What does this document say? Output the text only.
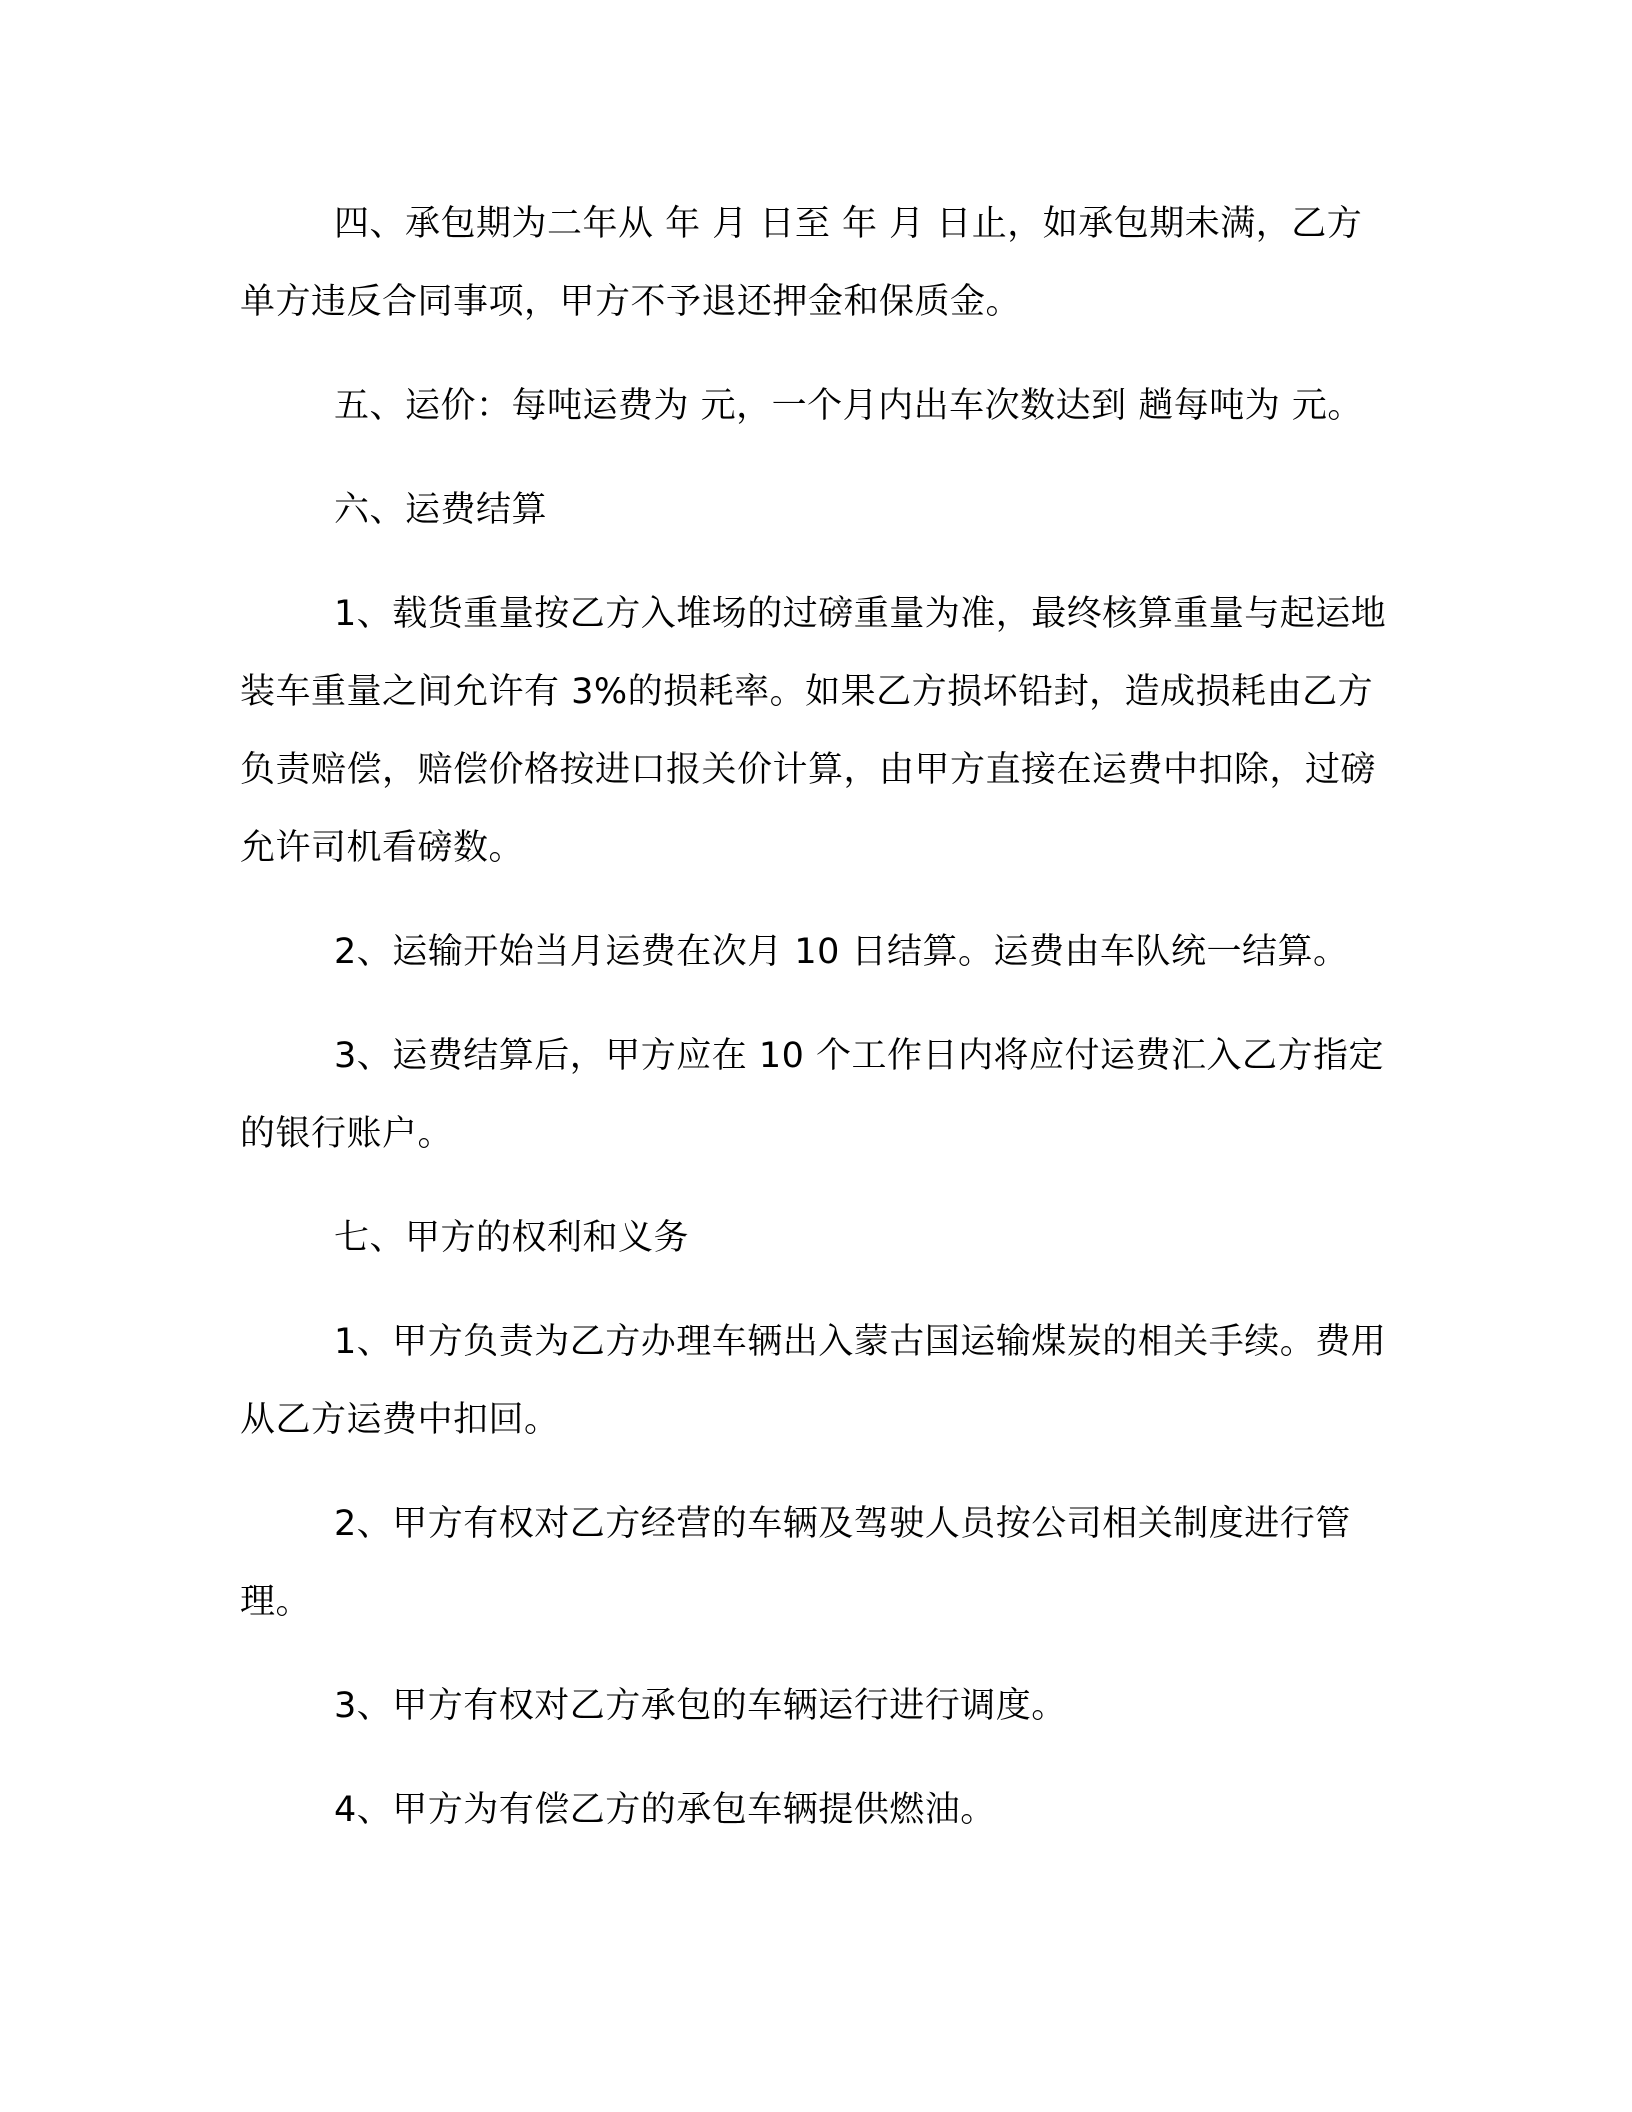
四、承包期为二年从 年 月 日至 年 月 日止，如承包期未满，乙方单方违反合同事项，甲方不予退还押金和保质金。

五、运价：每吨运费为 元，一个月内出车次数达到 趟每吨为 元。

六、运费结算

1、载货重量按乙方入堆场的过磅重量为准，最终核算重量与起运地装车重量之间允许有 3%的损耗率。如果乙方损坏铅封，造成损耗由乙方负责赔偿，赔偿价格按进口报关价计算，由甲方直接在运费中扣除，过磅允许司机看磅数。

2、运输开始当月运费在次月 10 日结算。运费由车队统一结算。

3、运费结算后，甲方应在 10 个工作日内将应付运费汇入乙方指定的银行账户。

七、甲方的权利和义务

1、甲方负责为乙方办理车辆出入蒙古国运输煤炭的相关手续。费用从乙方运费中扣回。

2、甲方有权对乙方经营的车辆及驾驶人员按公司相关制度进行管理。

3、甲方有权对乙方承包的车辆运行进行调度。

4、甲方为有偿乙方的承包车辆提供燃油。
